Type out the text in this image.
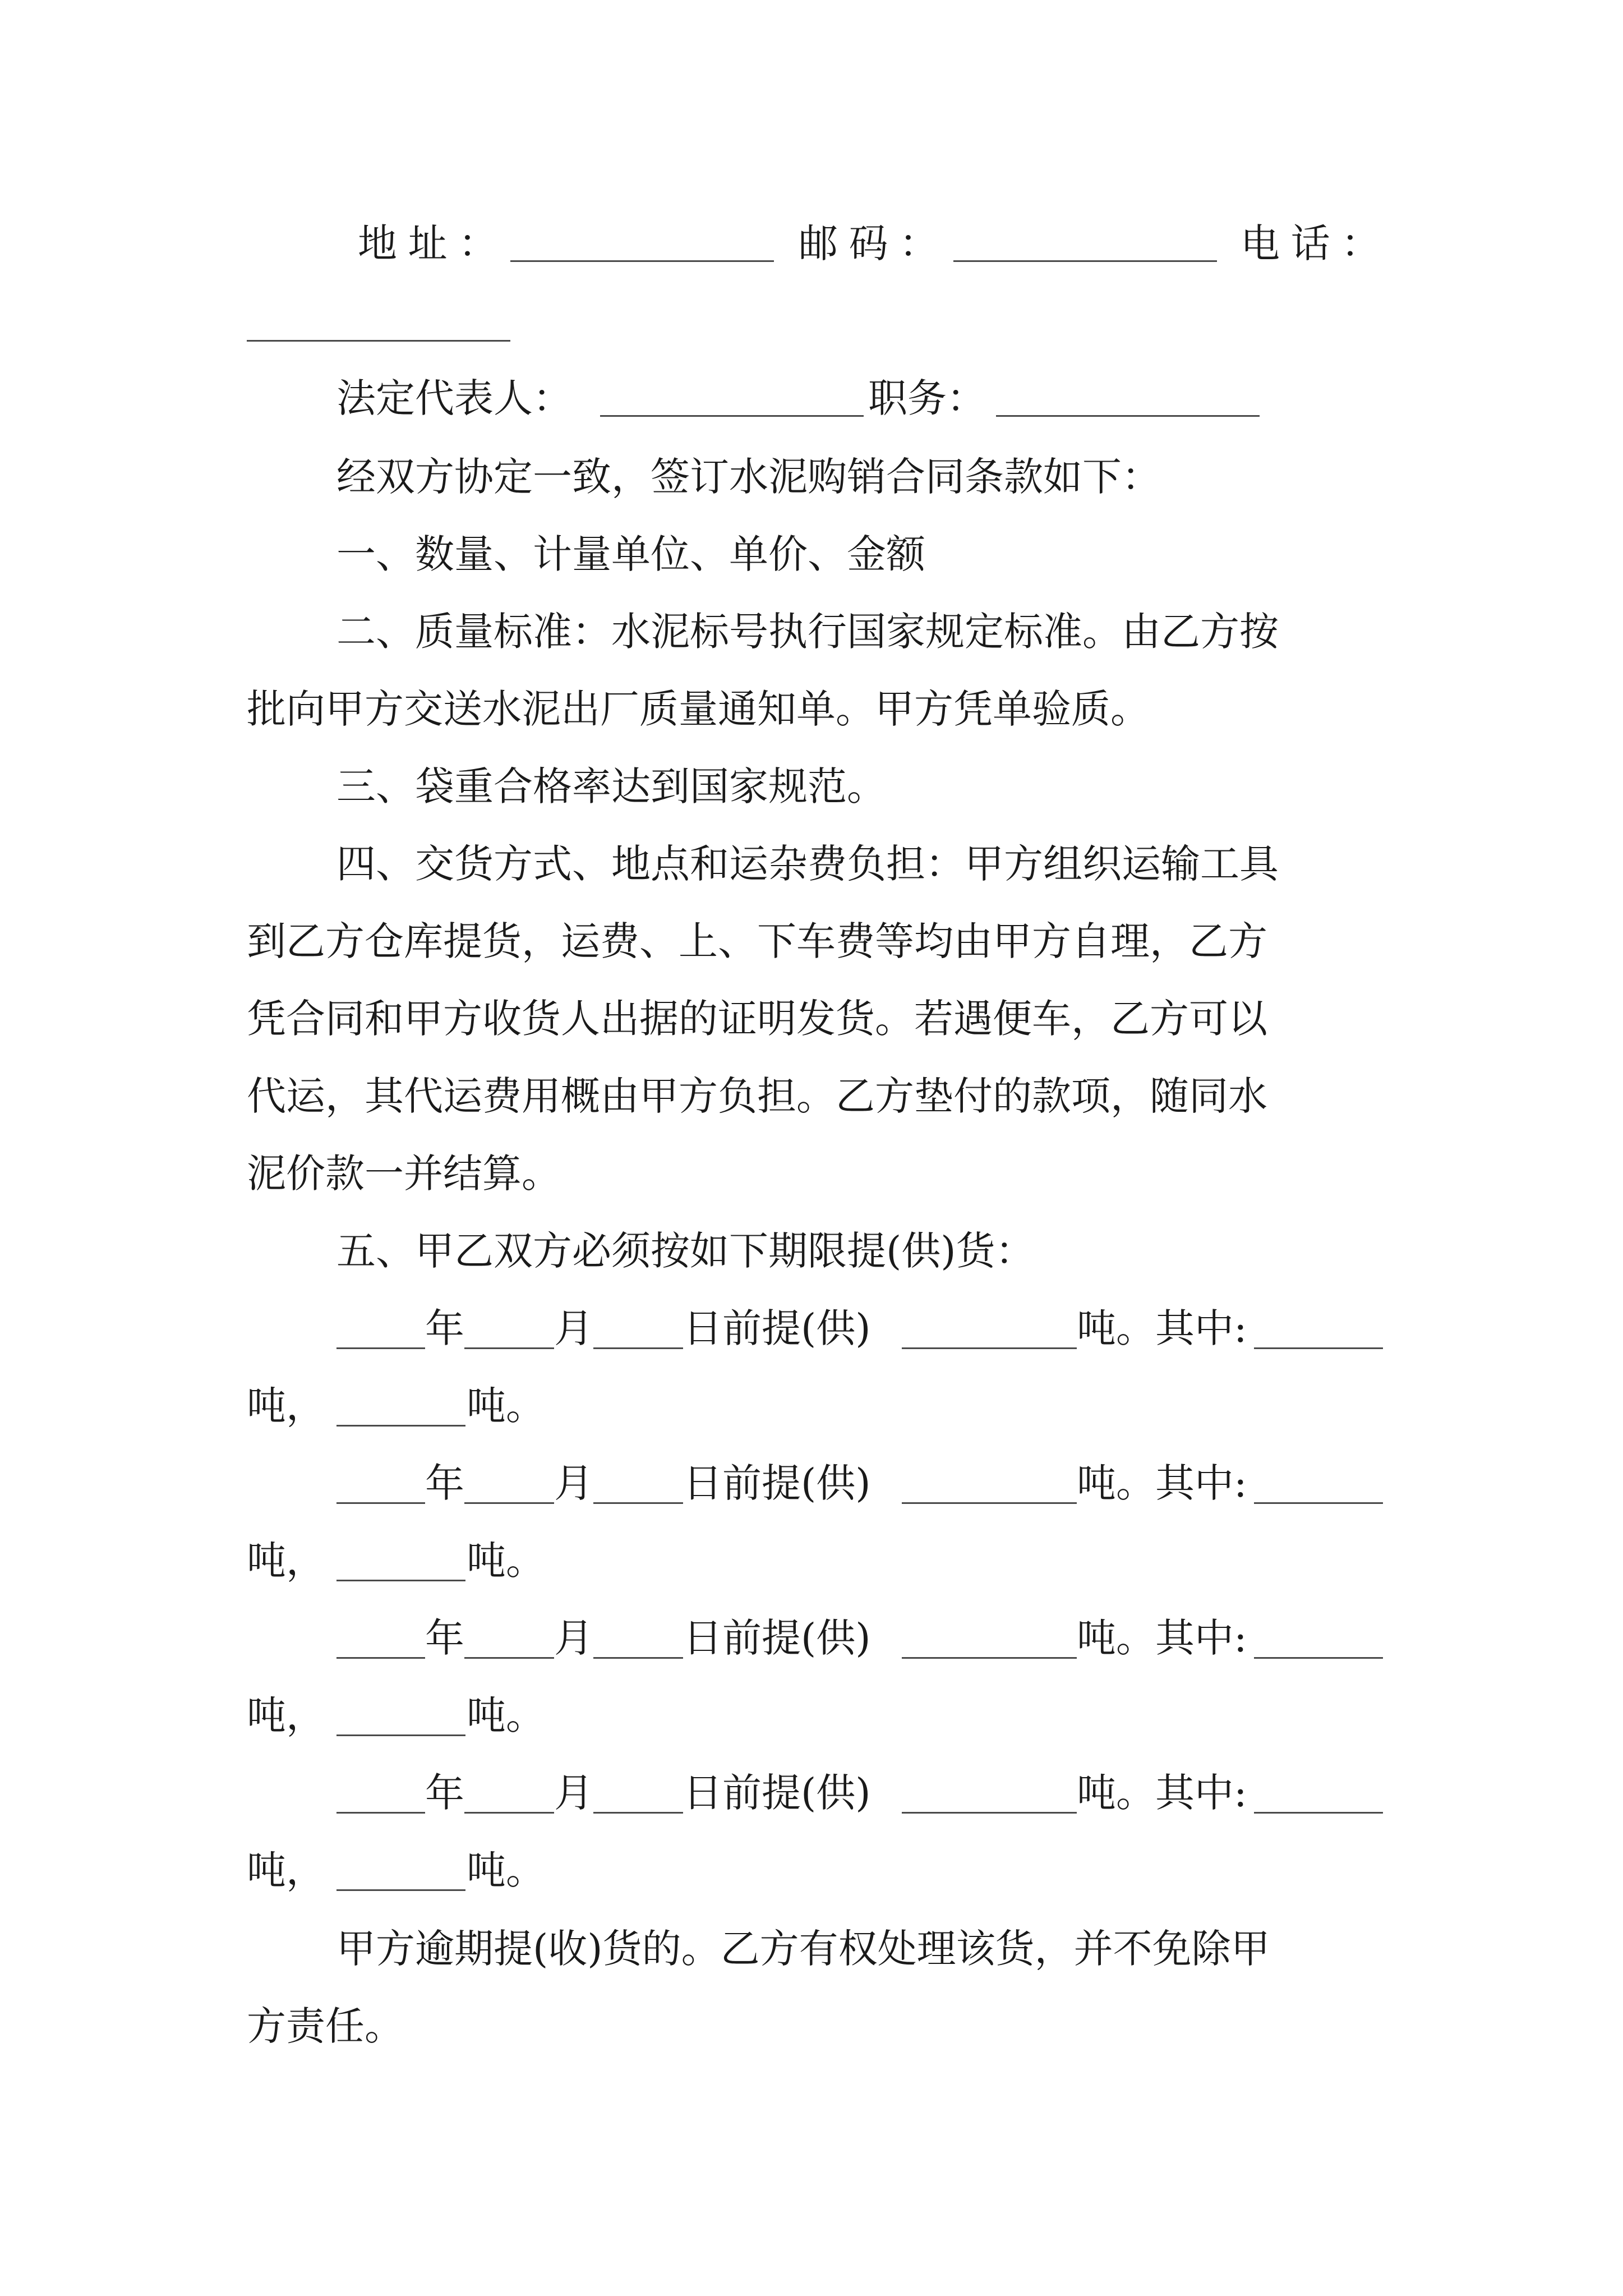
地址：	邮码：	电话：
法定代表人：	职务：
经双方协定一致，签订水泥购销合同条款如下：
一、数量、计量单位、单价、金额
二、质量标准：水泥标号执行国家规定标准。由乙方按
批向甲方交送水泥出厂质量通知单。甲方凭单验质。
三、袋重合格率达到国家规范。
四、交货方式、地点和运杂费负担：甲方组织运输工具
到乙方仓库提货，运费、上、下车费等均由甲方自理，乙方
凭合同和甲方收货人出据的证明发货。若遇便车，乙方可以
代运，其代运费用概由甲方负担。乙方垫付的款项，随同水
泥价款一并结算。
五、甲乙双方必须按如下期限提(供)货：
年 月 日前提(供)	吨。其中:
吨，	吨。
年 月 日前提(供)	吨。其中:
吨，	吨。
年 月 日前提(供)	吨。其中:
吨，	吨。
年 月 日前提(供)	吨。其中:
吨，	吨。
甲方逾期提(收)货的。乙方有权处理该货，并不免除甲
方责任。
